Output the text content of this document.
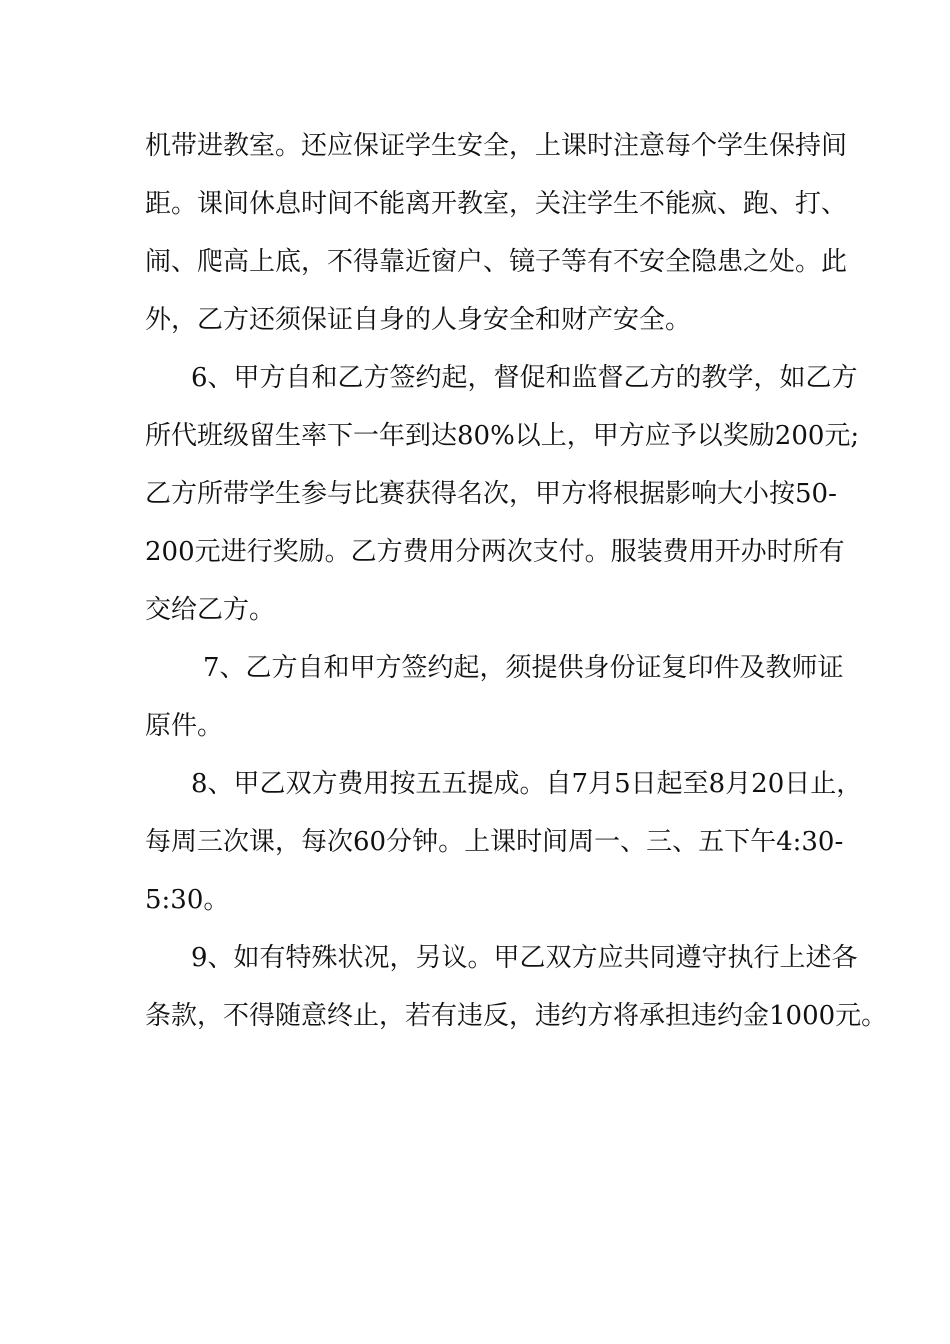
机带进教室。还应保证学生安全，上课时注意每个学生保持间
距。课间休息时间不能离开教室，关注学生不能疯、跑、打、
闹、爬高上底，不得靠近窗户、镜子等有不安全隐患之处。此
外，乙方还须保证自身的人身安全和财产安全。
6、甲方自和乙方签约起，督促和监督乙方的教学，如乙方
所代班级留生率下一年到达80%以上，甲方应予以奖励200元;
乙方所带学生参与比赛获得名次，甲方将根据影响大小按50-
200元进行奖励。乙方费用分两次支付。服装费用开办时所有
交给乙方。
7、乙方自和甲方签约起，须提供身份证复印件及教师证
原件。
8、甲乙双方费用按五五提成。自7月5日起至8月20日止，
每周三次课，每次60分钟。上课时间周一、三、五下午4:30-
5:30。
9、如有特殊状况，另议。甲乙双方应共同遵守执行上述各
条款，不得随意终止，若有违反，违约方将承担违约金1000元。
